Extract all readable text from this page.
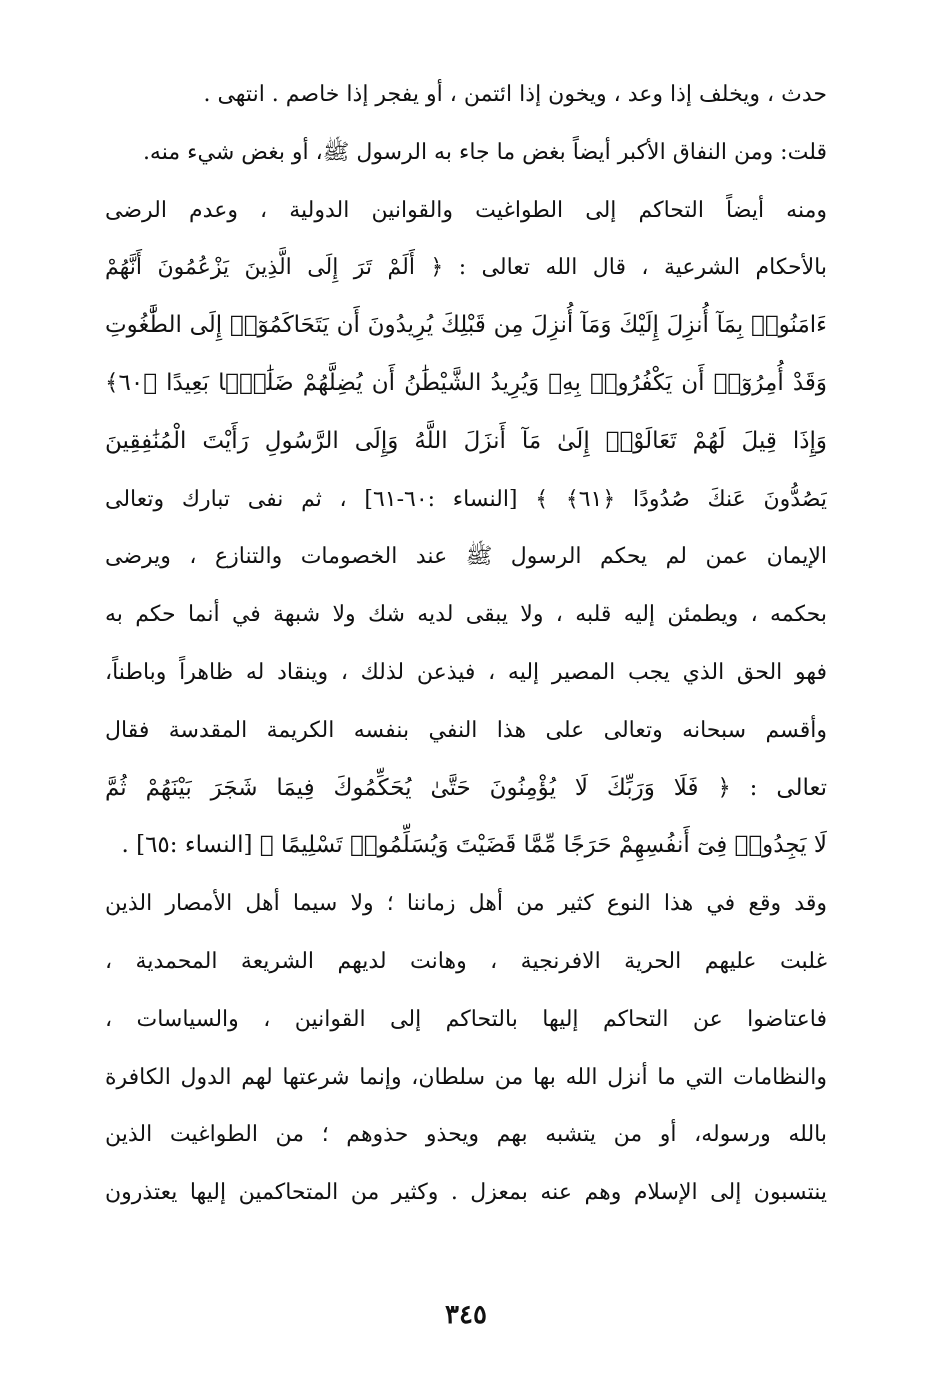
حدث ، ويخلف إذا وعد ، ويخون إذا ائتمن ، أو يفجر إذا خاصم . انتهى .
قلت: ومن النفاق الأكبر أيضاً بغض ما جاء به الرسول ﷺ، أو بغض شيء منه.
ومنه أيضاً التحاكم إلى الطواغيت والقوانين الدولية ، وعدم الرضى
بالأحكام الشرعية ، قال الله تعالى : ﴿ أَلَمْ تَرَ إِلَى الَّذِينَ يَزْعُمُونَ أَنَّهُمْ
ءَامَنُوا۟ بِمَآ أُنزِلَ إِلَيْكَ وَمَآ أُنزِلَ مِن قَبْلِكَ يُرِيدُونَ أَن يَتَحَاكَمُوٓا۟ إِلَى الطَّٰغُوتِ
وَقَدْ أُمِرُوٓا۟ أَن يَكْفُرُوا۟ بِهِۦ وَيُرِيدُ الشَّيْطَٰنُ أَن يُضِلَّهُمْ ضَلَٰلًۢا بَعِيدًا ﴿٦٠﴾
وَإِذَا قِيلَ لَهُمْ تَعَالَوْا۟ إِلَىٰ مَآ أَنزَلَ اللَّهُ وَإِلَى الرَّسُولِ رَأَيْتَ الْمُنَٰفِقِينَ
يَصُدُّونَ عَنكَ صُدُودًا ﴿٦١﴾ ﴾ [النساء :٦٠-٦١] ، ثم نفى تبارك وتعالى
الإيمان عمن لم يحكم الرسول ﷺ عند الخصومات والتنازع ، ويرضى
بحكمه ، ويطمئن إليه قلبه ، ولا يبقى لديه شك ولا شبهة في أنما حكم به
فهو الحق الذي يجب المصير إليه ، فيذعن لذلك ، وينقاد له ظاهراً وباطناً،
وأقسم سبحانه وتعالى على هذا النفي بنفسه الكريمة المقدسة فقال
تعالى : ﴿ فَلَا وَرَبِّكَ لَا يُؤْمِنُونَ حَتَّىٰ يُحَكِّمُوكَ فِيمَا شَجَرَ بَيْنَهُمْ ثُمَّ
لَا يَجِدُوا۟ فِىٓ أَنفُسِهِمْ حَرَجًا مِّمَّا قَضَيْتَ وَيُسَلِّمُوا۟ تَسْلِيمًا ﴾ [النساء :٦٥] .
وقد وقع في هذا النوع كثير من أهل زماننا ؛ ولا سيما أهل الأمصار الذين
غلبت عليهم الحرية الافرنجية ، وهانت لديهم الشريعة المحمدية ،
فاعتاضوا عن التحاكم إليها بالتحاكم إلى القوانين ، والسياسات ،
والنظامات التي ما أنزل الله بها من سلطان، وإنما شرعتها لهم الدول الكافرة
بالله ورسوله، أو من يتشبه بهم ويحذو حذوهم ؛ من الطواغيت الذين
ينتسبون إلى الإسلام وهم عنه بمعزل . وكثير من المتحاكمين إليها يعتذرون
٣٤٥
